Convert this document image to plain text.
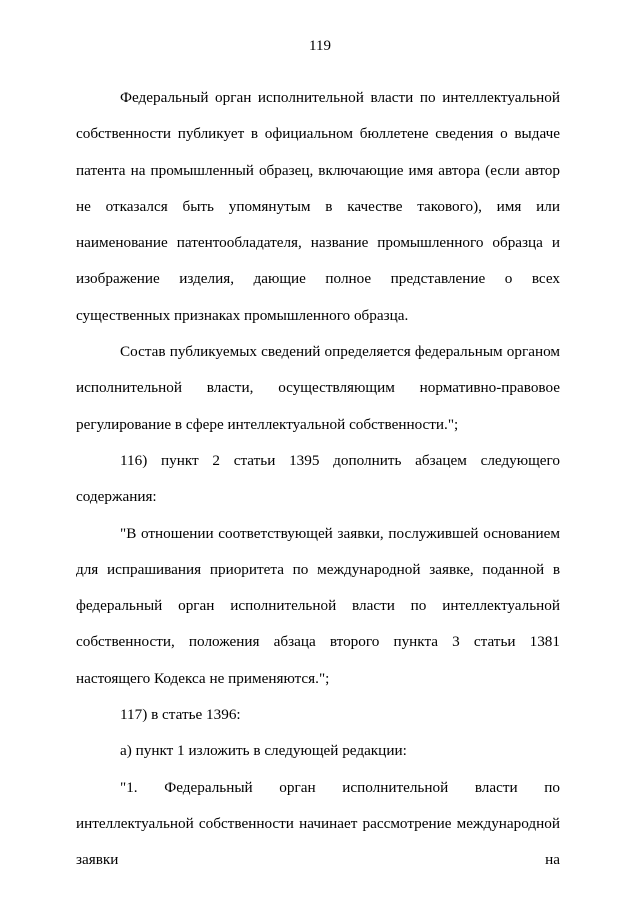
119

Федеральный орган исполнительной власти по интеллектуальной собственности публикует в официальном бюллетене сведения о выдаче патента на промышленный образец, включающие имя автора (если автор не отказался быть упомянутым в качестве такового), имя или наименование патентообладателя, название промышленного образца и изображение изделия, дающие полное представление о всех существенных признаках промышленного образца.

Состав публикуемых сведений определяется федеральным органом исполнительной власти, осуществляющим нормативно-правовое регулирование в сфере интеллектуальной собственности.";

116) пункт 2 статьи 1395 дополнить абзацем следующего содержания:

"В отношении соответствующей заявки, послужившей основанием для испрашивания приоритета по международной заявке, поданной в федеральный орган исполнительной власти по интеллектуальной собственности, положения абзаца второго пункта 3 статьи 1381 настоящего Кодекса не применяются.";

117) в статье 1396:

а) пункт 1 изложить в следующей редакции:

"1. Федеральный орган исполнительной власти по интеллектуальной собственности начинает рассмотрение международной заявки на
